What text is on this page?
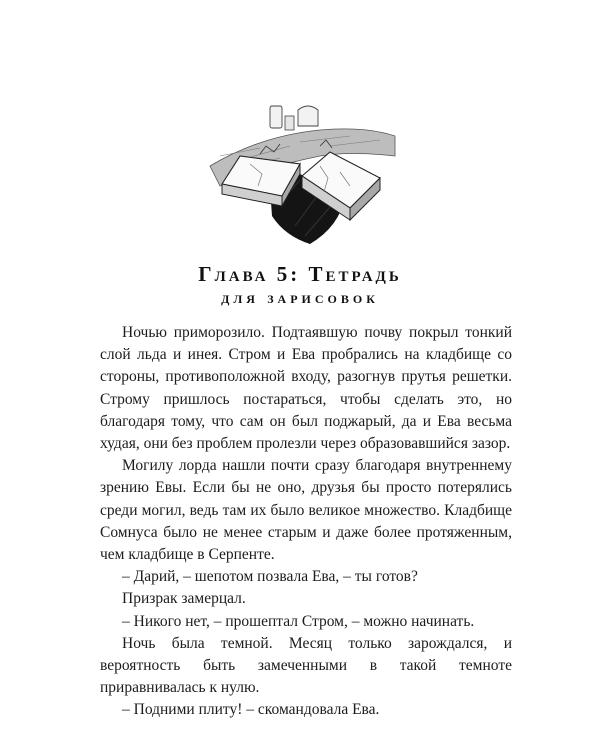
Глава 5: Тетрадь
для зарисовок

Ночью приморозило. Подтаявшую почву покрыл тонкий слой льда и инея. Стром и Ева пробрались на кладбище со стороны, противоположной входу, разогнув прутья решетки. Строму пришлось постараться, чтобы сделать это, но благодаря тому, что сам он был поджарый, да и Ева весьма худая, они без проблем пролезли через образовавшийся зазор.

Могилу лорда нашли почти сразу благодаря внутреннему зрению Евы. Если бы не оно, друзья бы просто потерялись среди могил, ведь там их было великое множество. Кладбище Сомнуса было не менее старым и даже более протяженным, чем кладбище в Серпенте.

– Дарий, – шепотом позвала Ева, – ты готов?

Призрак замерцал.

– Никого нет, – прошептал Стром, – можно начинать.

Ночь была темной. Месяц только зарождался, и вероятность быть замеченными в такой темноте приравнивалась к нулю.

– Подними плиту! – скомандовала Ева.
